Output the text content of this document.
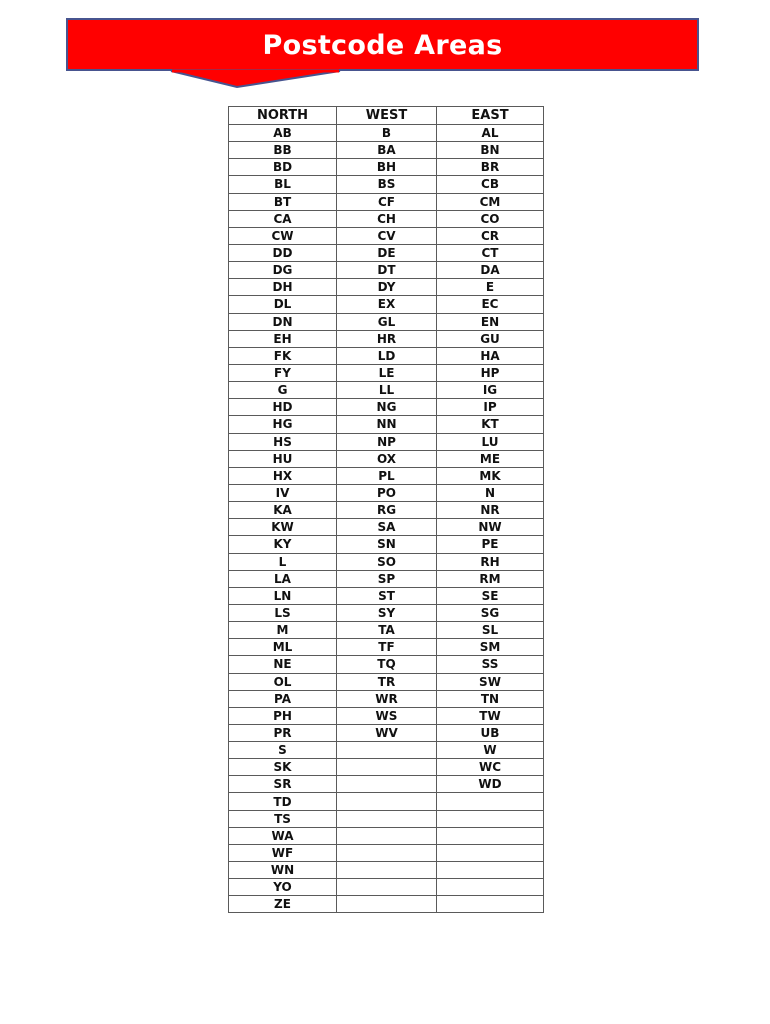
Postcode Areas
NORTH	WEST	EAST
AB	B	AL
BB	BA	BN
BD	BH	BR
BL	BS	CB
BT	CF	CM
CA	CH	CO
CW	CV	CR
DD	DE	CT
DG	DT	DA
DH	DY	E
DL	EX	EC
DN	GL	EN
EH	HR	GU
FK	LD	HA
FY	LE	HP
G	LL	IG
HD	NG	IP
HG	NN	KT
HS	NP	LU
HU	OX	ME
HX	PL	MK
IV	PO	N
KA	RG	NR
KW	SA	NW
KY	SN	PE
L	SO	RH
LA	SP	RM
LN	ST	SE
LS	SY	SG
M	TA	SL
ML	TF	SM
NE	TQ	SS
OL	TR	SW
PA	WR	TN
PH	WS	TW
PR	WV	UB
S		W
SK		WC
SR		WD
TD		
TS		
WA		
WF		
WN		
YO		
ZE		
